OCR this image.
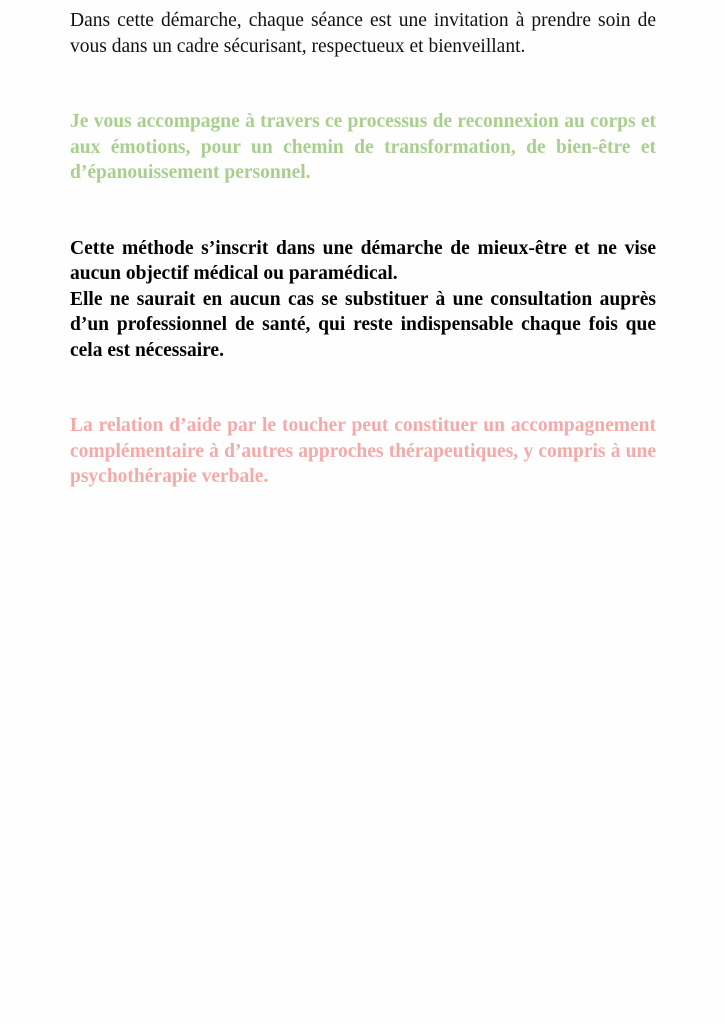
Dans cette démarche, chaque séance est une invitation à prendre soin de vous dans un cadre sécurisant, respectueux et bienveillant.

Je vous accompagne à travers ce processus de reconnexion au corps et aux émotions, pour un chemin de transformation, de bien-être et d’épanouissement personnel.

Cette méthode s’inscrit dans une démarche de mieux-être et ne vise aucun objectif médical ou paramédical.

Elle ne saurait en aucun cas se substituer à une consultation auprès d’un professionnel de santé, qui reste indispensable chaque fois que cela est nécessaire.

La relation d’aide par le toucher peut constituer un accompagnement complémentaire à d’autres approches thérapeutiques, y compris à une psychothérapie verbale.
